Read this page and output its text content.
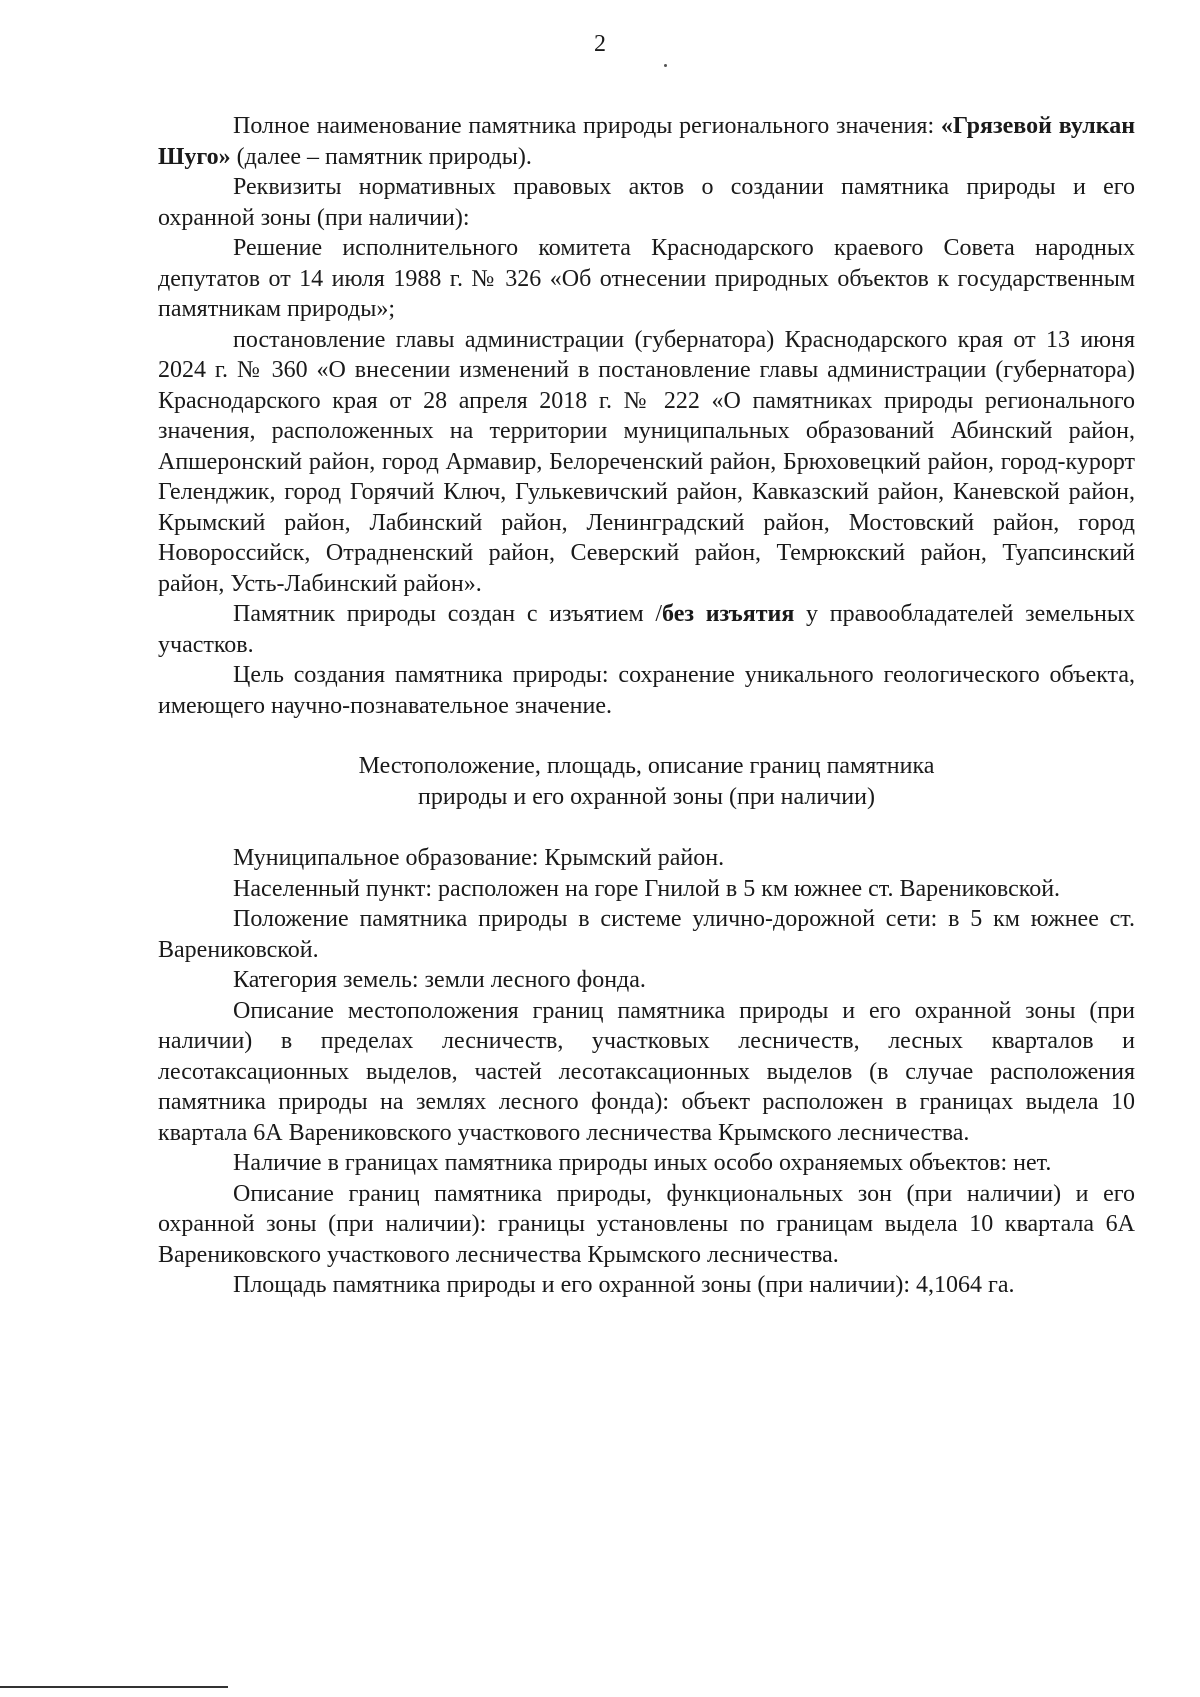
2

Полное наименование памятника природы регионального значения: «Грязевой вулкан Шуго» (далее – памятник природы).

Реквизиты нормативных правовых актов о создании памятника природы и его охранной зоны (при наличии):

Решение исполнительного комитета Краснодарского краевого Совета народных депутатов от 14 июля 1988 г. № 326 «Об отнесении природных объектов к государственным памятникам природы»;

постановление главы администрации (губернатора) Краснодарского края от 13 июня 2024 г. № 360 «О внесении изменений в постановление главы администрации (губернатора) Краснодарского края от 28 апреля 2018 г. № 222 «О памятниках природы регионального значения, расположенных на территории муниципальных образований Абинский район, Апшеронский район, город Армавир, Белореченский район, Брюховецкий район, город-курорт Геленджик, город Горячий Ключ, Гулькевичский район, Кавказский район, Каневской район, Крымский район, Лабинский район, Ленинградский район, Мостовский район, город Новороссийск, Отрадненский район, Северский район, Темрюкский район, Туапсинский район, Усть-Лабинский район».

Памятник природы создан с изъятием /без изъятия у правообладателей земельных участков.

Цель создания памятника природы: сохранение уникального геологического объекта, имеющего научно-познавательное значение.

Местоположение, площадь, описание границ памятника
природы и его охранной зоны (при наличии)

Муниципальное образование: Крымский район.

Населенный пункт: расположен на горе Гнилой в 5 км южнее ст. Варениковской.

Положение памятника природы в системе улично-дорожной сети: в 5 км южнее ст. Варениковской.

Категория земель: земли лесного фонда.

Описание местоположения границ памятника природы и его охранной зоны (при наличии) в пределах лесничеств, участковых лесничеств, лесных кварталов и лесотаксационных выделов, частей лесотаксационных выделов (в случае расположения памятника природы на землях лесного фонда): объект расположен в границах выдела 10 квартала 6А Варениковского участкового лесничества Крымского лесничества.

Наличие в границах памятника природы иных особо охраняемых объектов: нет.

Описание границ памятника природы, функциональных зон (при наличии) и его охранной зоны (при наличии): границы установлены по границам выдела 10 квартала 6А Варениковского участкового лесничества Крымского лесничества.

Площадь памятника природы и его охранной зоны (при наличии): 4,1064 га.
